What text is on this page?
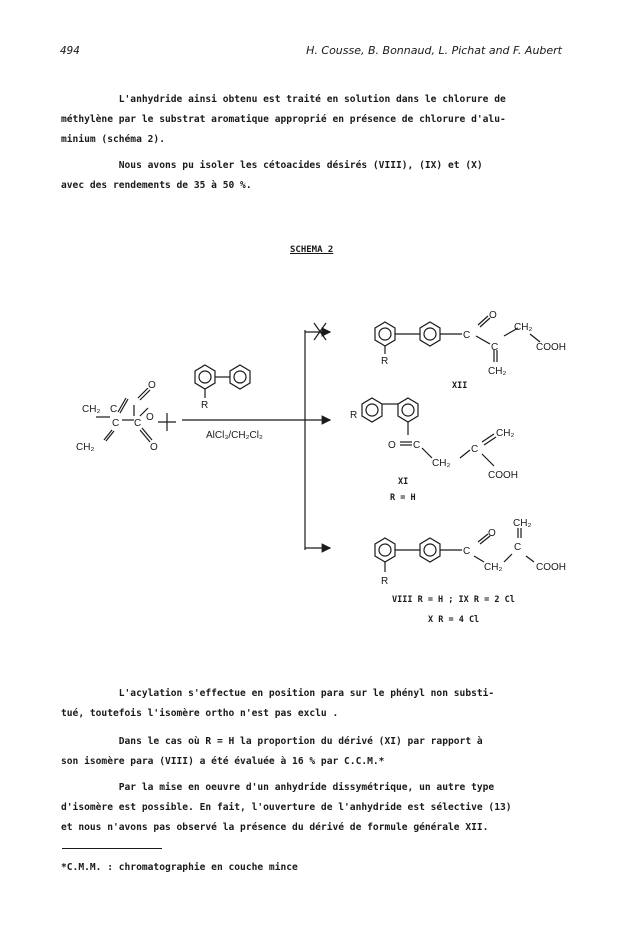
494	H. Cousse, B. Bonnaud, L. Pichat and F. Aubert
L'anhydride ainsi obtenu est traité en solution dans le chlorure de
méthylène par le substrat aromatique approprié en présence de chlorure d'alu-
minium (schéma 2).
Nous avons pu isoler les cétoacides désirés (VIII), (IX) et (X)
avec des rendements de 35 à 50 %.
SCHEMA 2
CH₂ C
O
O
C C
O
CH₂
R
AlCl₃/CH₂Cl₂
R
C
O
C
CH₂
COOH
CH₂
XII
R
O C
CH₂
C
CH₂
COOH
XI
R = H
R
C
O
CH₂
C
CH₂
COOH
VIII R = H ; IX R = 2 Cl
X R = 4 Cl
L'acylation s'effectue en position para sur le phényl non substi-
tué, toutefois l'isomère ortho n'est pas exclu .
Dans le cas où R = H la proportion du dérivé (XI) par rapport à
son isomère para (VIII) a été évaluée à 16 % par C.C.M.*
Par la mise en oeuvre d'un anhydride dissymétrique, un autre type
d'isomère est possible. En fait, l'ouverture de l'anhydride est sélective (13)
et nous n'avons pas observé la présence du dérivé de formule générale XII.
*C.M.M. : chromatographie en couche mince
